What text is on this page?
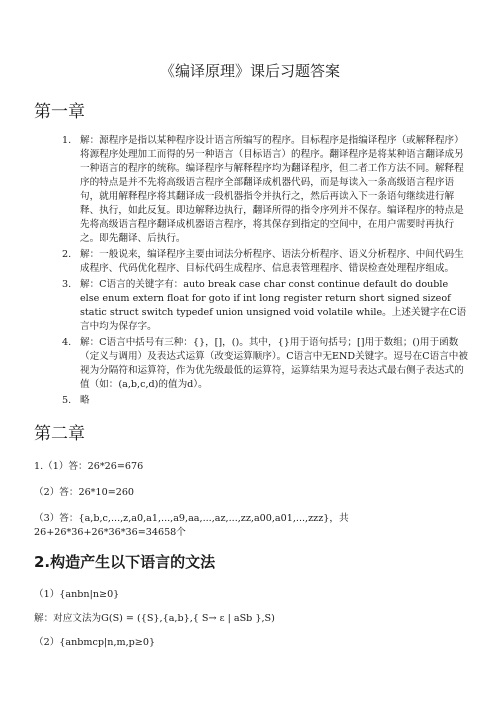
《编译原理》课后习题答案
第一章
1. 解：源程序是指以某种程序设计语言所编写的程序。目标程序是指编译程序（或解释程序）将源程序处理加工而得的另一种语言（目标语言）的程序。翻译程序是将某种语言翻译成另一种语言的程序的统称。编译程序与解释程序均为翻译程序，但二者工作方法不同。解释程序的特点是并不先将高级语言程序全部翻译成机器代码，而是每读入一条高级语言程序语句，就用解释程序将其翻译成一段机器指令并执行之，然后再读入下一条语句继续进行解释、执行，如此反复。即边解释边执行，翻译所得的指令序列并不保存。编译程序的特点是先将高级语言程序翻译成机器语言程序，将其保存到指定的空间中，在用户需要时再执行之。即先翻译、后执行。
2. 解：一般说来，编译程序主要由词法分析程序、语法分析程序、语义分析程序、中间代码生成程序、代码优化程序、目标代码生成程序、信息表管理程序、错误检查处理程序组成。
3. 解：C语言的关键字有：auto break case char const continue default do double else enum extern float for goto if int long register return short signed sizeof static struct switch typedef union unsigned void volatile while。上述关键字在C语言中均为保存字。
4. 解：C语言中括号有三种：{}，[]，()。其中，{}用于语句括号；[]用于数组；()用于函数（定义与调用）及表达式运算（改变运算顺序）。C语言中无END关键字。逗号在C语言中被视为分隔符和运算符，作为优先级最低的运算符，运算结果为逗号表达式最右侧子表达式的值（如：(a,b,c,d)的值为d）。
5. 略
第二章
1.（1）答：26*26=676
（2）答：26*10=260
（3）答：{a,b,c,...,z,a0,a1,...,a9,aa,...,az,...,zz,a00,a01,...,zzz}，共26+26*36+26*36*36=34658个
2.构造产生以下语言的文法
（1）{anbn|n≥0}
解：对应文法为G(S) = ({S},{a,b},{ S→ ε | aSb },S)
（2）{anbmcp|n,m,p≥0}
